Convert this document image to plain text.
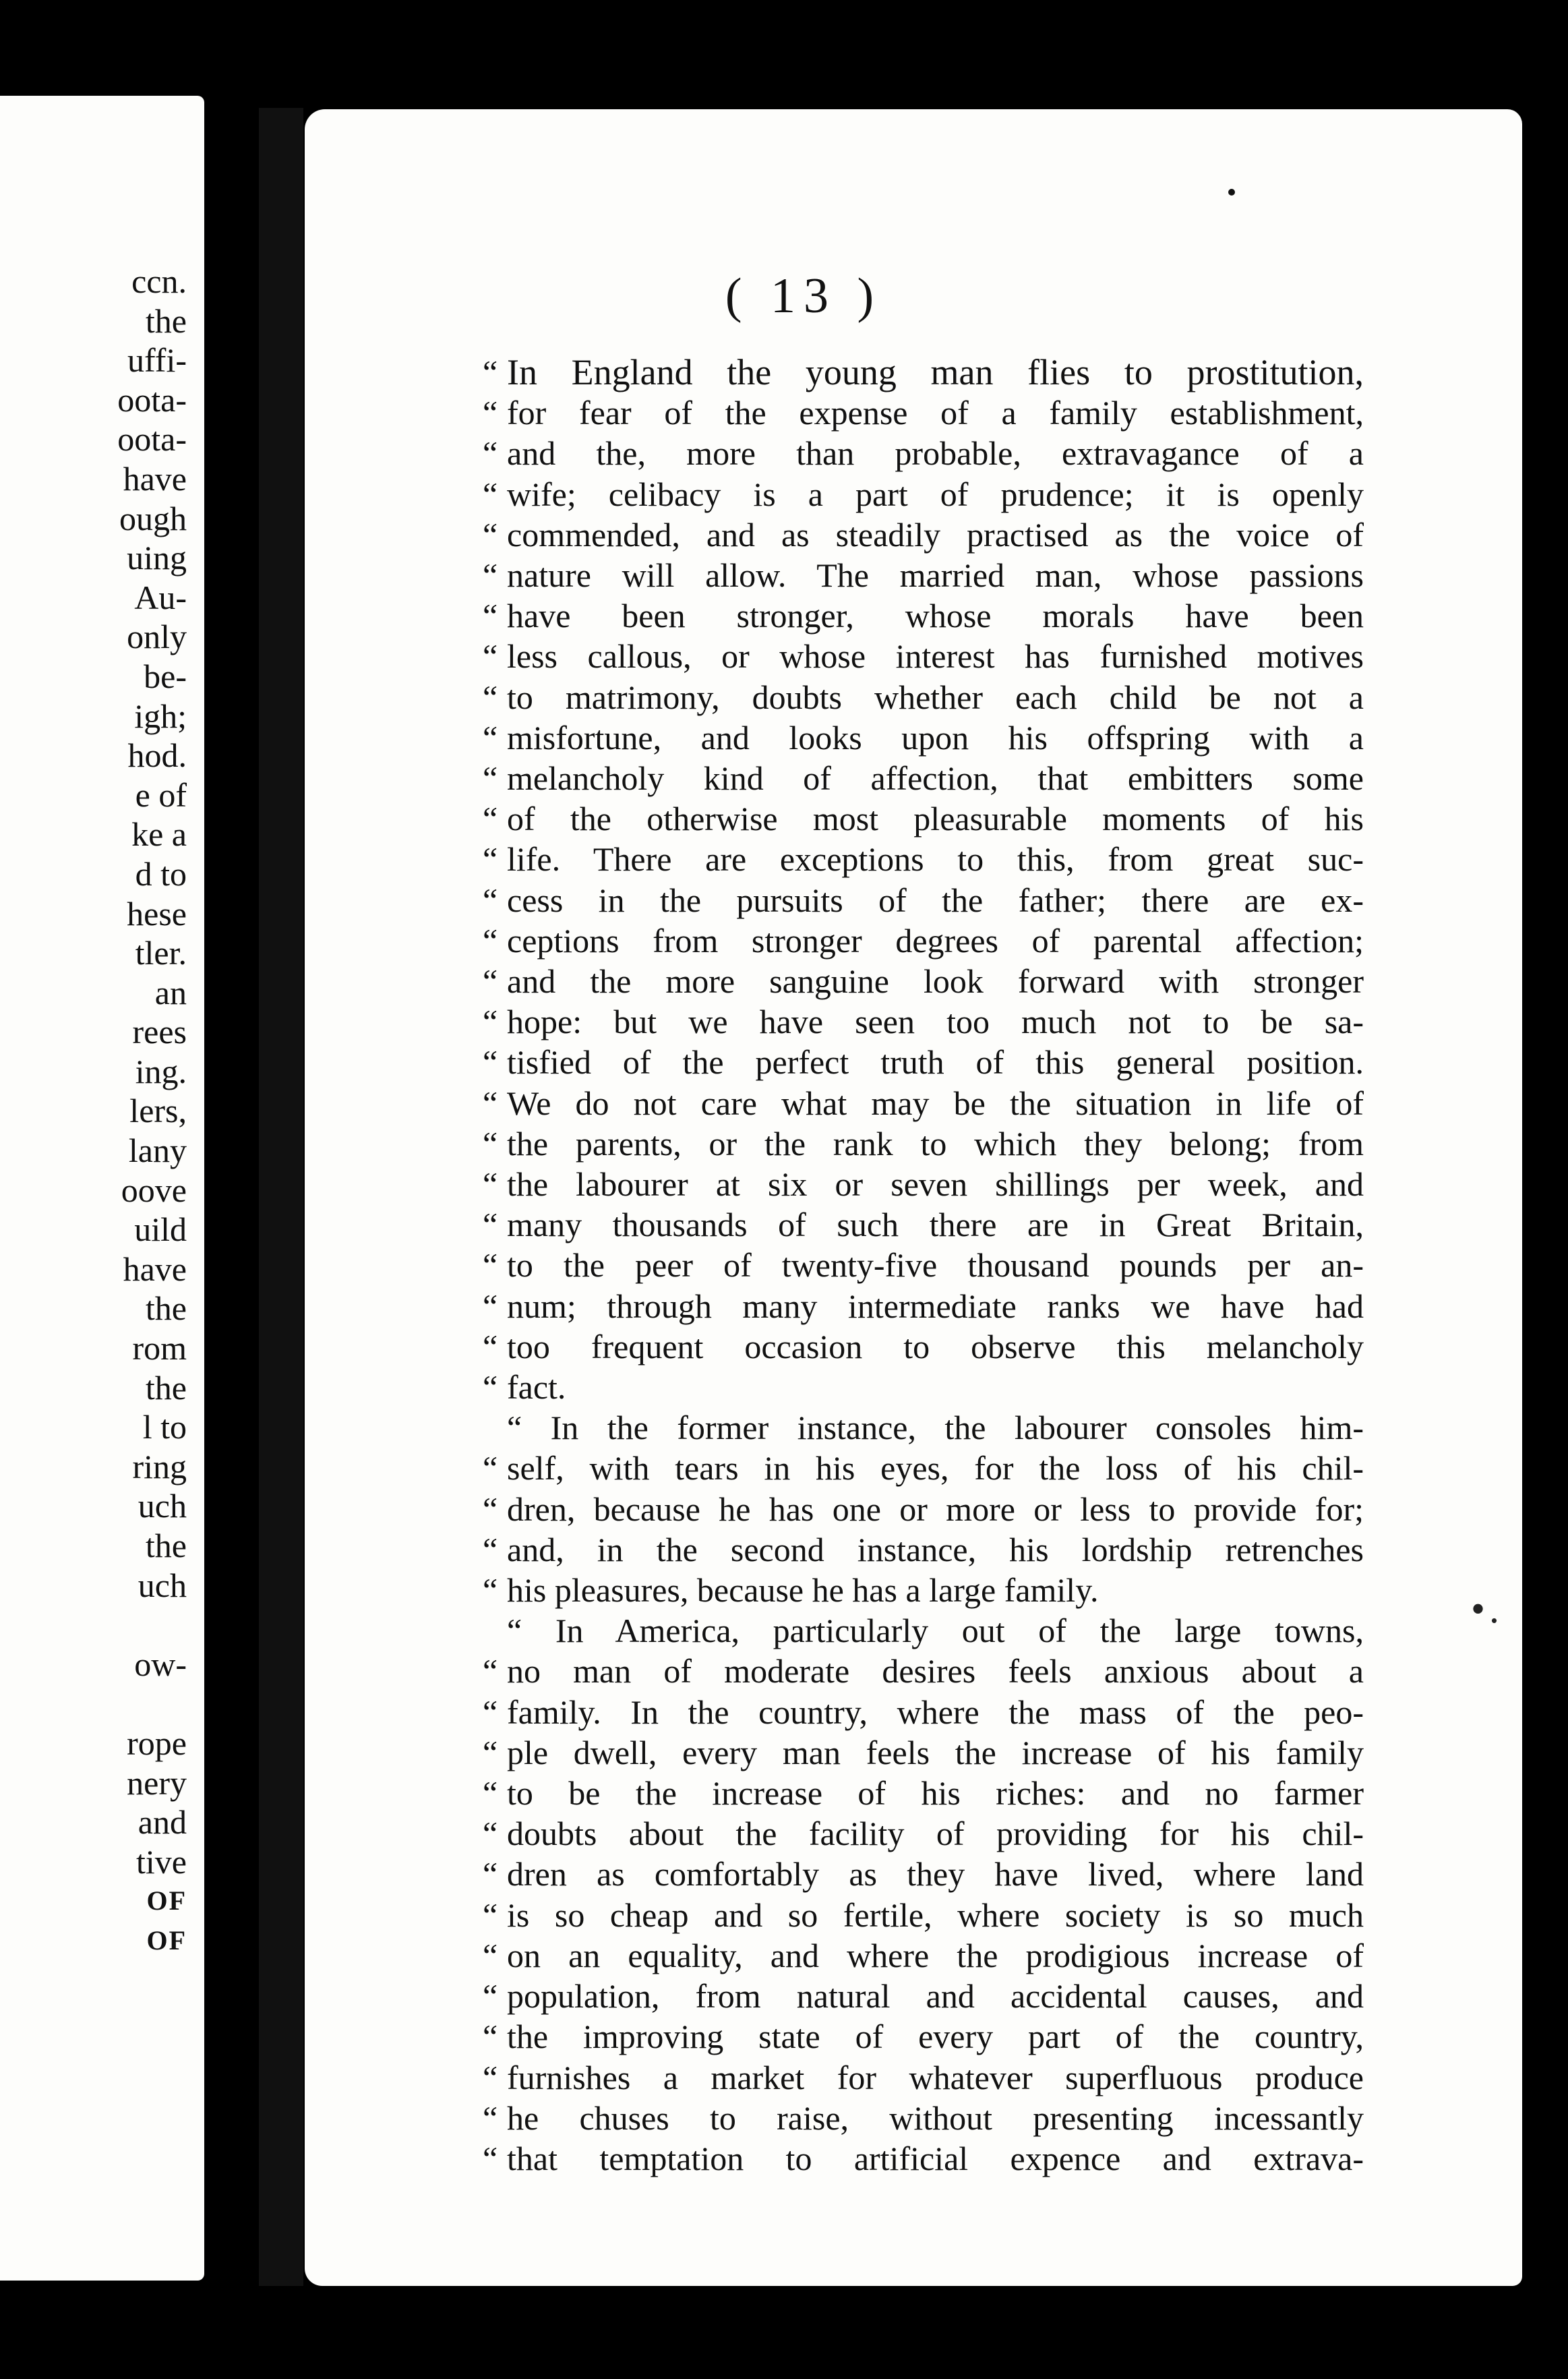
ccn.
the
uffi-
oota-
oota-
have
ough
uing
Au-
only
be-
igh;
hod.
e of
ke a
d to
hese
tler.
an
rees
ing.
lers,
lany
oove
uild
have
the
rom
the
l to
ring
uch
the
uch
ow-
rope
nery
and
tive
OF
OF
( 13 )
“ In England the young man flies to prostitution,
“ for fear of the expense of a family establishment,
“ and the, more than probable, extravagance of a
“ wife; celibacy is a part of prudence; it is openly
“ commended, and as steadily practised as the voice of
“ nature will allow. The married man, whose passions
“ have been stronger, whose morals have been
“ less callous, or whose interest has furnished motives
“ to matrimony, doubts whether each child be not a
“ misfortune, and looks upon his offspring with a
“ melancholy kind of affection, that embitters some
“ of the otherwise most pleasurable moments of his
“ life. There are exceptions to this, from great suc-
“ cess in the pursuits of the father; there are ex-
“ ceptions from stronger degrees of parental affection;
“ and the more sanguine look forward with stronger
“ hope: but we have seen too much not to be sa-
“ tisfied of the perfect truth of this general position.
“ We do not care what may be the situation in life of
“ the parents, or the rank to which they belong; from
“ the labourer at six or seven shillings per week, and
“ many thousands of such there are in Great Britain,
“ to the peer of twenty-five thousand pounds per an-
“ num; through many intermediate ranks we have had
“ too frequent occasion to observe this melancholy
“ fact.
“ In the former instance, the labourer consoles him-
“ self, with tears in his eyes, for the loss of his chil-
“ dren, because he has one or more or less to provide for;
“ and, in the second instance, his lordship retrenches
“ his pleasures, because he has a large family.
“ In America, particularly out of the large towns,
“ no man of moderate desires feels anxious about a
“ family. In the country, where the mass of the peo-
“ ple dwell, every man feels the increase of his family
“ to be the increase of his riches: and no farmer
“ doubts about the facility of providing for his chil-
“ dren as comfortably as they have lived, where land
“ is so cheap and so fertile, where society is so much
“ on an equality, and where the prodigious increase of
“ population, from natural and accidental causes, and
“ the improving state of every part of the country,
“ furnishes a market for whatever superfluous produce
“ he chuses to raise, without presenting incessantly
“ that temptation to artificial expence and extrava-
•.
